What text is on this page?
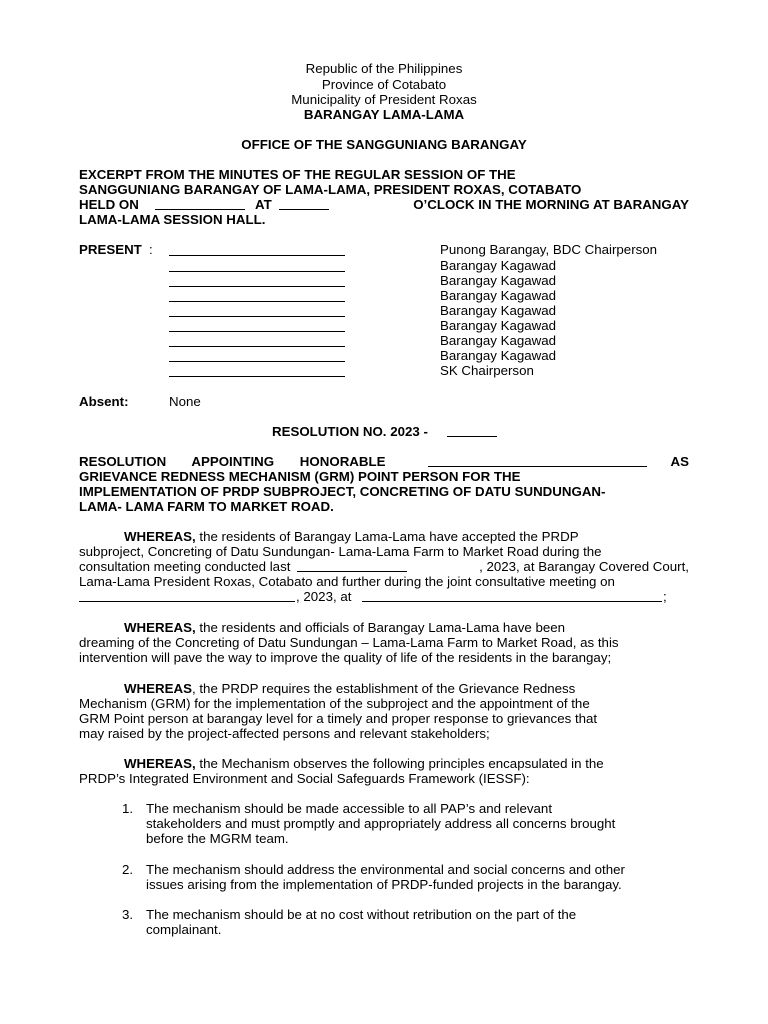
Republic of the Philippines
Province of Cotabato
Municipality of President Roxas
BARANGAY LAMA-LAMA
OFFICE OF THE SANGGUNIANG BARANGAY
EXCERPT FROM THE MINUTES OF THE REGULAR SESSION OF THE
SANGGUNIANG BARANGAY OF LAMA-LAMA, PRESIDENT ROXAS, COTABATO
HELD ON	AT	O’CLOCK IN THE MORNING AT BARANGAY
LAMA-LAMA SESSION HALL.
PRESENT :	Punong Barangay, BDC Chairperson
Barangay Kagawad
Barangay Kagawad
Barangay Kagawad
Barangay Kagawad
Barangay Kagawad
Barangay Kagawad
Barangay Kagawad
SK Chairperson
Absent:	None
RESOLUTION NO. 2023 -
RESOLUTION APPOINTING HONORABLE	AS
GRIEVANCE REDNESS MECHANISM (GRM) POINT PERSON FOR THE
IMPLEMENTATION OF PRDP SUBPROJECT, CONCRETING OF DATU SUNDUNGAN-
LAMA- LAMA FARM TO MARKET ROAD.
WHEREAS, the residents of Barangay Lama-Lama have accepted the PRDP
subproject, Concreting of Datu Sundungan- Lama-Lama Farm to Market Road during the
consultation meeting conducted last	, 2023, at Barangay Covered Court,
Lama-Lama President Roxas, Cotabato and further during the joint consultative meeting on
, 2023, at	;
WHEREAS, the residents and officials of Barangay Lama-Lama have been
dreaming of the Concreting of Datu Sundungan – Lama-Lama Farm to Market Road, as this
intervention will pave the way to improve the quality of life of the residents in the barangay;
WHEREAS, the PRDP requires the establishment of the Grievance Redness
Mechanism (GRM) for the implementation of the subproject and the appointment of the
GRM Point person at barangay level for a timely and proper response to grievances that
may raised by the project-affected persons and relevant stakeholders;
WHEREAS, the Mechanism observes the following principles encapsulated in the
PRDP’s Integrated Environment and Social Safeguards Framework (IESSF):
1. The mechanism should be made accessible to all PAP’s and relevant
stakeholders and must promptly and appropriately address all concerns brought
before the MGRM team.
2. The mechanism should address the environmental and social concerns and other
issues arising from the implementation of PRDP-funded projects in the barangay.
3. The mechanism should be at no cost without retribution on the part of the
complainant.
